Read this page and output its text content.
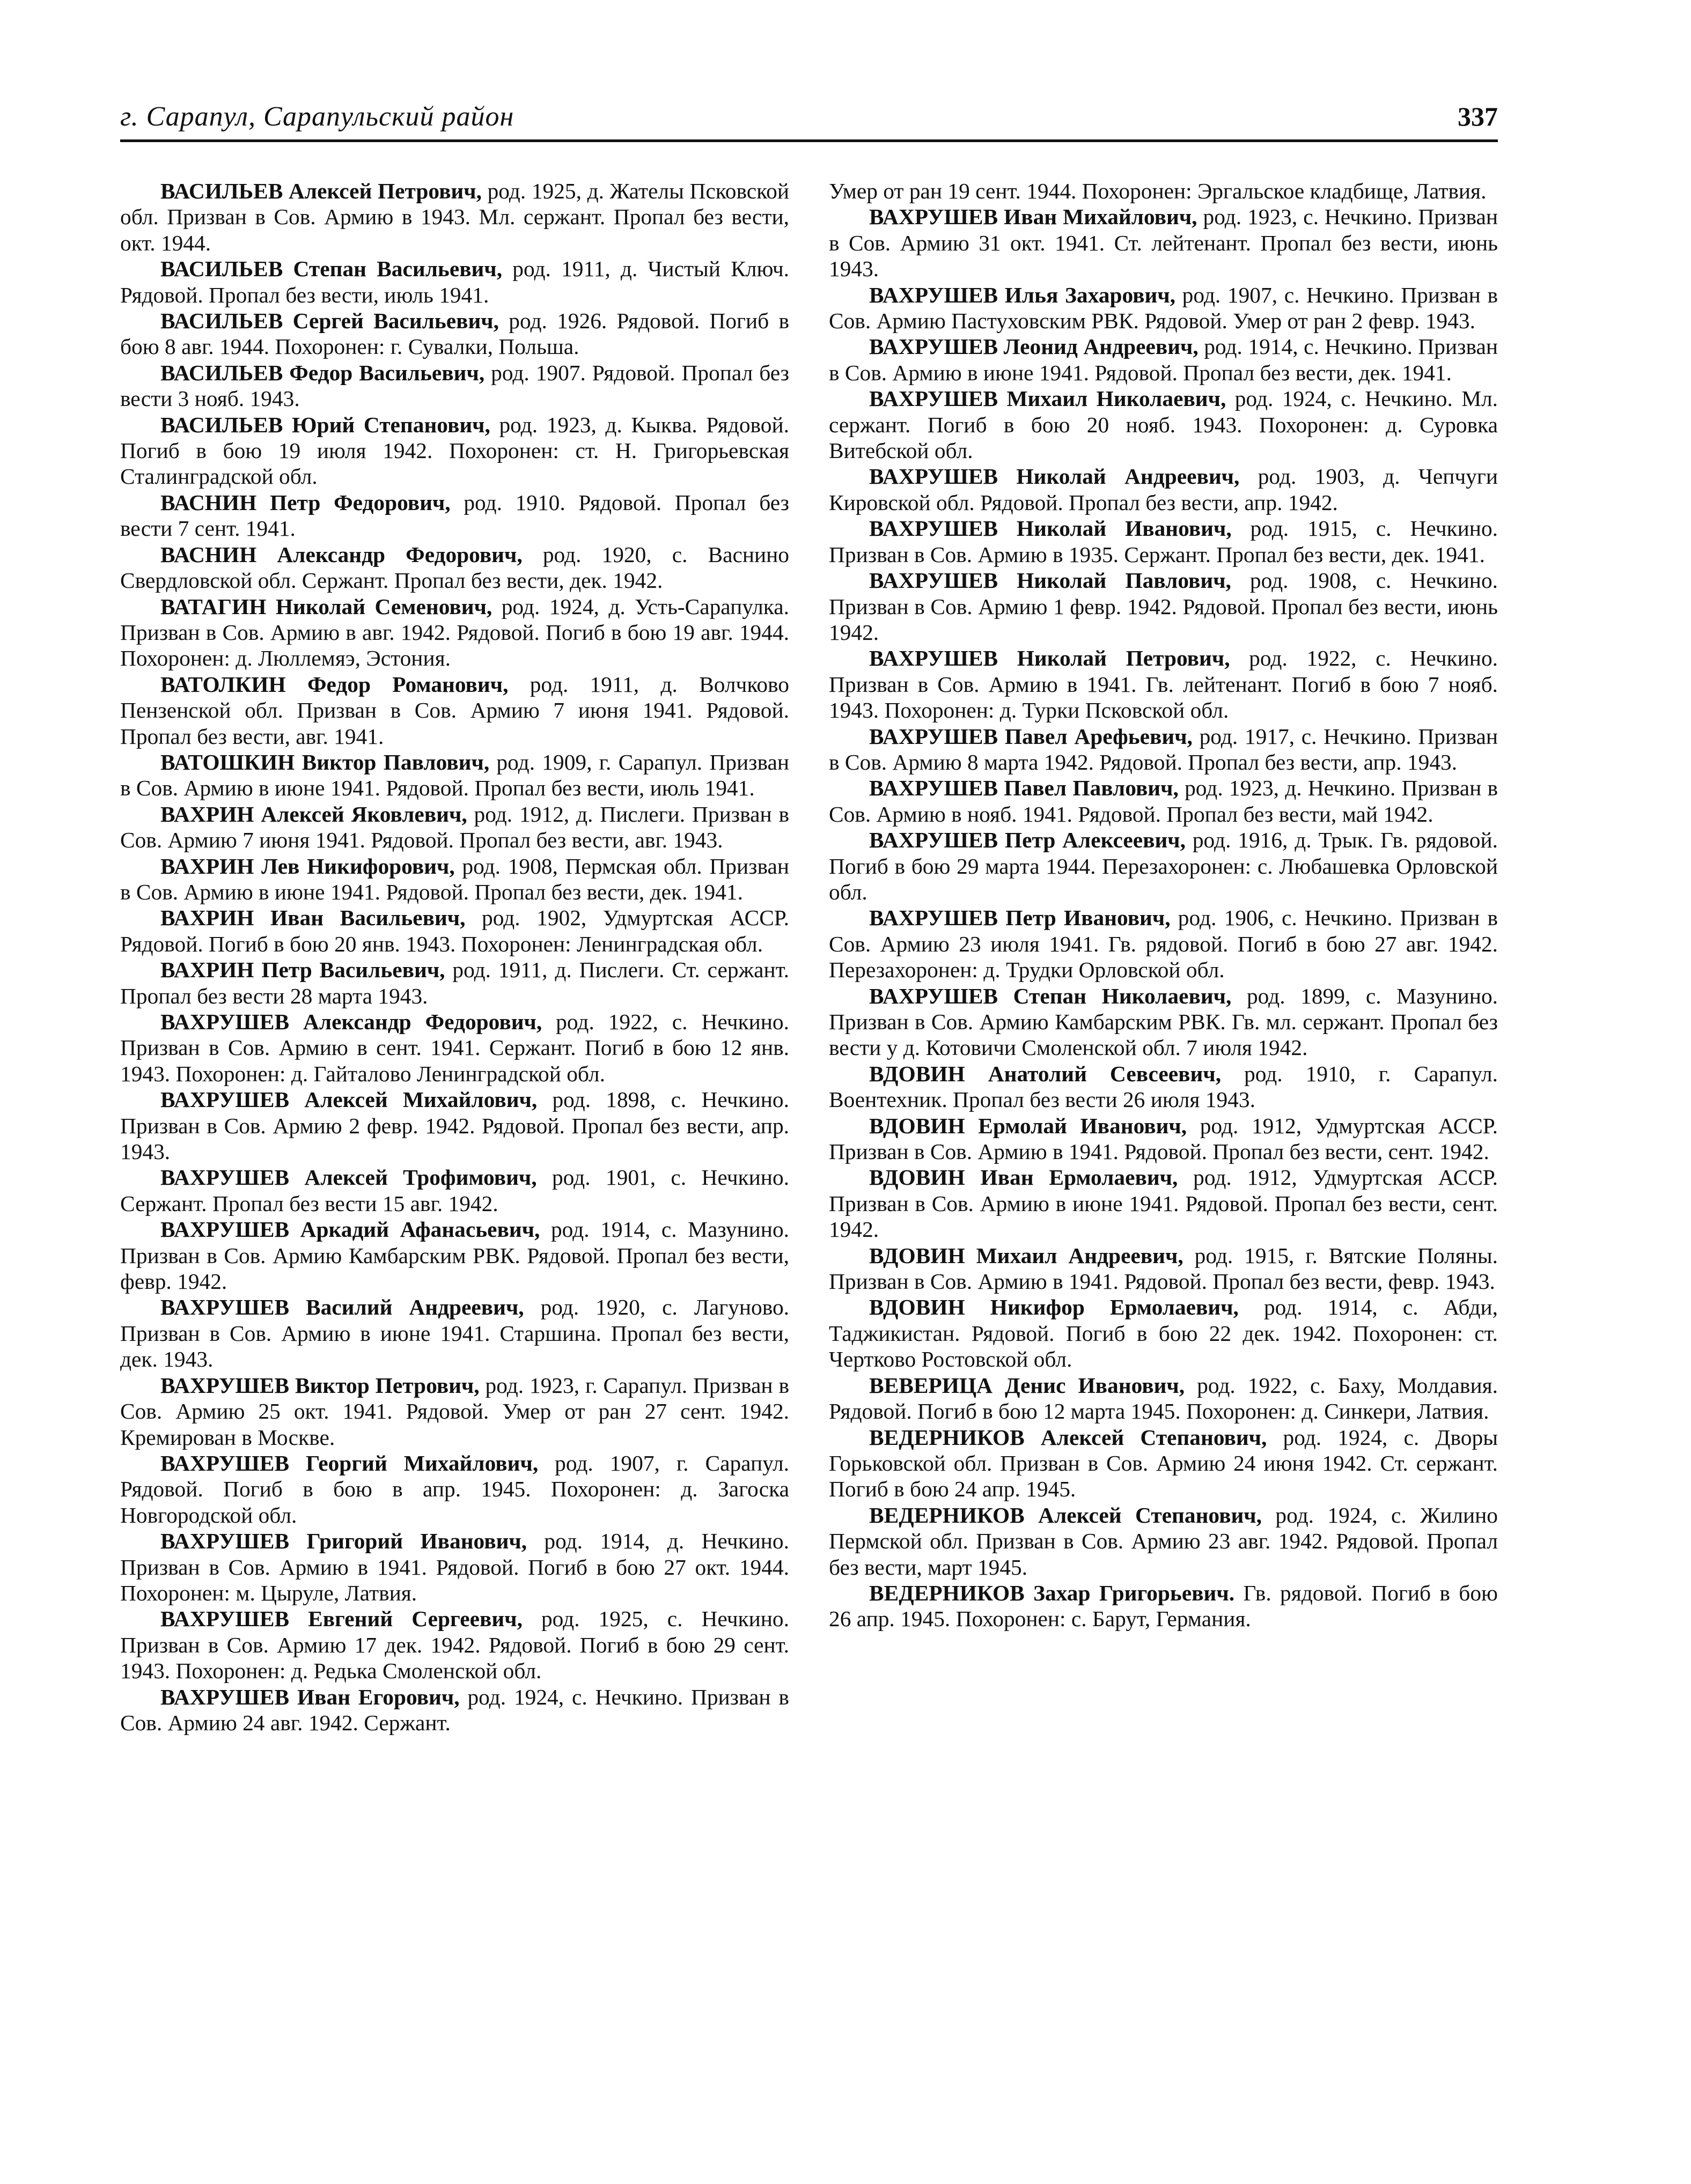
г. Сарапул, Сарапульский район	337

ВАСИЛЬЕВ Алексей Петрович, род. 1925, д. Жателы Псковской обл. Призван в Сов. Армию в 1943. Мл. сержант. Пропал без вести, окт. 1944.

ВАСИЛЬЕВ Степан Васильевич, род. 1911, д. Чистый Ключ. Рядовой. Пропал без вести, июль 1941.

ВАСИЛЬЕВ Сергей Васильевич, род. 1926. Рядовой. Погиб в бою 8 авг. 1944. Похоронен: г. Сувалки, Польша.

ВАСИЛЬЕВ Федор Васильевич, род. 1907. Рядовой. Пропал без вести 3 нояб. 1943.

ВАСИЛЬЕВ Юрий Степанович, род. 1923, д. Кыква. Рядовой. Погиб в бою 19 июля 1942. Похоронен: ст. Н. Григорьевская Сталинградской обл.

ВАСНИН Петр Федорович, род. 1910. Рядовой. Пропал без вести 7 сент. 1941.

ВАСНИН Александр Федорович, род. 1920, с. Васнино Свердловской обл. Сержант. Пропал без вести, дек. 1942.

ВАТАГИН Николай Семенович, род. 1924, д. Усть-Сарапулка. Призван в Сов. Армию в авг. 1942. Рядовой. Погиб в бою 19 авг. 1944. Похоронен: д. Люллемяэ, Эстония.

ВАТОЛКИН Федор Романович, род. 1911, д. Волчково Пензенской обл. Призван в Сов. Армию 7 июня 1941. Рядовой. Пропал без вести, авг. 1941.

ВАТОШКИН Виктор Павлович, род. 1909, г. Сарапул. Призван в Сов. Армию в июне 1941. Рядовой. Пропал без вести, июль 1941.

ВАХРИН Алексей Яковлевич, род. 1912, д. Пислеги. Призван в Сов. Армию 7 июня 1941. Рядовой. Пропал без вести, авг. 1943.

ВАХРИН Лев Никифорович, род. 1908, Пермская обл. Призван в Сов. Армию в июне 1941. Рядовой. Пропал без вести, дек. 1941.

ВАХРИН Иван Васильевич, род. 1902, Удмуртская АССР. Рядовой. Погиб в бою 20 янв. 1943. Похоронен: Ленинградская обл.

ВАХРИН Петр Васильевич, род. 1911, д. Пислеги. Ст. сержант. Пропал без вести 28 марта 1943.

ВАХРУШЕВ Александр Федорович, род. 1922, с. Нечкино. Призван в Сов. Армию в сент. 1941. Сержант. Погиб в бою 12 янв. 1943. Похоронен: д. Гайталово Ленинградской обл.

ВАХРУШЕВ Алексей Михайлович, род. 1898, с. Нечкино. Призван в Сов. Армию 2 февр. 1942. Рядовой. Пропал без вести, апр. 1943.

ВАХРУШЕВ Алексей Трофимович, род. 1901, с. Нечкино. Сержант. Пропал без вести 15 авг. 1942.

ВАХРУШЕВ Аркадий Афанасьевич, род. 1914, с. Мазунино. Призван в Сов. Армию Камбарским РВК. Рядовой. Пропал без вести, февр. 1942.

ВАХРУШЕВ Василий Андреевич, род. 1920, с. Лагуново. Призван в Сов. Армию в июне 1941. Старшина. Пропал без вести, дек. 1943.

ВАХРУШЕВ Виктор Петрович, род. 1923, г. Сарапул. Призван в Сов. Армию 25 окт. 1941. Рядовой. Умер от ран 27 сент. 1942. Кремирован в Москве.

ВАХРУШЕВ Георгий Михайлович, род. 1907, г. Сарапул. Рядовой. Погиб в бою в апр. 1945. Похоронен: д. Загоска Новгородской обл.

ВАХРУШЕВ Григорий Иванович, род. 1914, д. Нечкино. Призван в Сов. Армию в 1941. Рядовой. Погиб в бою 27 окт. 1944. Похоронен: м. Цыруле, Латвия.

ВАХРУШЕВ Евгений Сергеевич, род. 1925, с. Нечкино. Призван в Сов. Армию 17 дек. 1942. Рядовой. Погиб в бою 29 сент. 1943. Похоронен: д. Редька Смоленской обл.

ВАХРУШЕВ Иван Егорович, род. 1924, с. Нечкино. Призван в Сов. Армию 24 авг. 1942. Сержант.

Умер от ран 19 сент. 1944. Похоронен: Эргальское кладбище, Латвия.

ВАХРУШЕВ Иван Михайлович, род. 1923, с. Нечкино. Призван в Сов. Армию 31 окт. 1941. Ст. лейтенант. Пропал без вести, июнь 1943.

ВАХРУШЕВ Илья Захарович, род. 1907, с. Нечкино. Призван в Сов. Армию Пастуховским РВК. Рядовой. Умер от ран 2 февр. 1943.

ВАХРУШЕВ Леонид Андреевич, род. 1914, с. Нечкино. Призван в Сов. Армию в июне 1941. Рядовой. Пропал без вести, дек. 1941.

ВАХРУШЕВ Михаил Николаевич, род. 1924, с. Нечкино. Мл. сержант. Погиб в бою 20 нояб. 1943. Похоронен: д. Суровка Витебской обл.

ВАХРУШЕВ Николай Андреевич, род. 1903, д. Чепчуги Кировской обл. Рядовой. Пропал без вести, апр. 1942.

ВАХРУШЕВ Николай Иванович, род. 1915, с. Нечкино. Призван в Сов. Армию в 1935. Сержант. Пропал без вести, дек. 1941.

ВАХРУШЕВ Николай Павлович, род. 1908, с. Нечкино. Призван в Сов. Армию 1 февр. 1942. Рядовой. Пропал без вести, июнь 1942.

ВАХРУШЕВ Николай Петрович, род. 1922, с. Нечкино. Призван в Сов. Армию в 1941. Гв. лейтенант. Погиб в бою 7 нояб. 1943. Похоронен: д. Турки Псковской обл.

ВАХРУШЕВ Павел Арефьевич, род. 1917, с. Нечкино. Призван в Сов. Армию 8 марта 1942. Рядовой. Пропал без вести, апр. 1943.

ВАХРУШЕВ Павел Павлович, род. 1923, д. Нечкино. Призван в Сов. Армию в нояб. 1941. Рядовой. Пропал без вести, май 1942.

ВАХРУШЕВ Петр Алексеевич, род. 1916, д. Трык. Гв. рядовой. Погиб в бою 29 марта 1944. Перезахоронен: с. Любашевка Орловской обл.

ВАХРУШЕВ Петр Иванович, род. 1906, с. Нечкино. Призван в Сов. Армию 23 июля 1941. Гв. рядовой. Погиб в бою 27 авг. 1942. Перезахоронен: д. Трудки Орловской обл.

ВАХРУШЕВ Степан Николаевич, род. 1899, с. Мазунино. Призван в Сов. Армию Камбарским РВК. Гв. мл. сержант. Пропал без вести у д. Котовичи Смоленской обл. 7 июля 1942.

ВДОВИН Анатолий Севсеевич, род. 1910, г. Сарапул. Воентехник. Пропал без вести 26 июля 1943.

ВДОВИН Ермолай Иванович, род. 1912, Удмуртская АССР. Призван в Сов. Армию в 1941. Рядовой. Пропал без вести, сент. 1942.

ВДОВИН Иван Ермолаевич, род. 1912, Удмуртская АССР. Призван в Сов. Армию в июне 1941. Рядовой. Пропал без вести, сент. 1942.

ВДОВИН Михаил Андреевич, род. 1915, г. Вятские Поляны. Призван в Сов. Армию в 1941. Рядовой. Пропал без вести, февр. 1943.

ВДОВИН Никифор Ермолаевич, род. 1914, с. Абди, Таджикистан. Рядовой. Погиб в бою 22 дек. 1942. Похоронен: ст. Чертково Ростовской обл.

ВЕВЕРИЦА Денис Иванович, род. 1922, с. Баху, Молдавия. Рядовой. Погиб в бою 12 марта 1945. Похоронен: д. Синкери, Латвия.

ВЕДЕРНИКОВ Алексей Степанович, род. 1924, с. Дворы Горьковской обл. Призван в Сов. Армию 24 июня 1942. Ст. сержант. Погиб в бою 24 апр. 1945.

ВЕДЕРНИКОВ Алексей Степанович, род. 1924, с. Жилино Пермской обл. Призван в Сов. Армию 23 авг. 1942. Рядовой. Пропал без вести, март 1945.

ВЕДЕРНИКОВ Захар Григорьевич. Гв. рядовой. Погиб в бою 26 апр. 1945. Похоронен: с. Барут, Германия.
